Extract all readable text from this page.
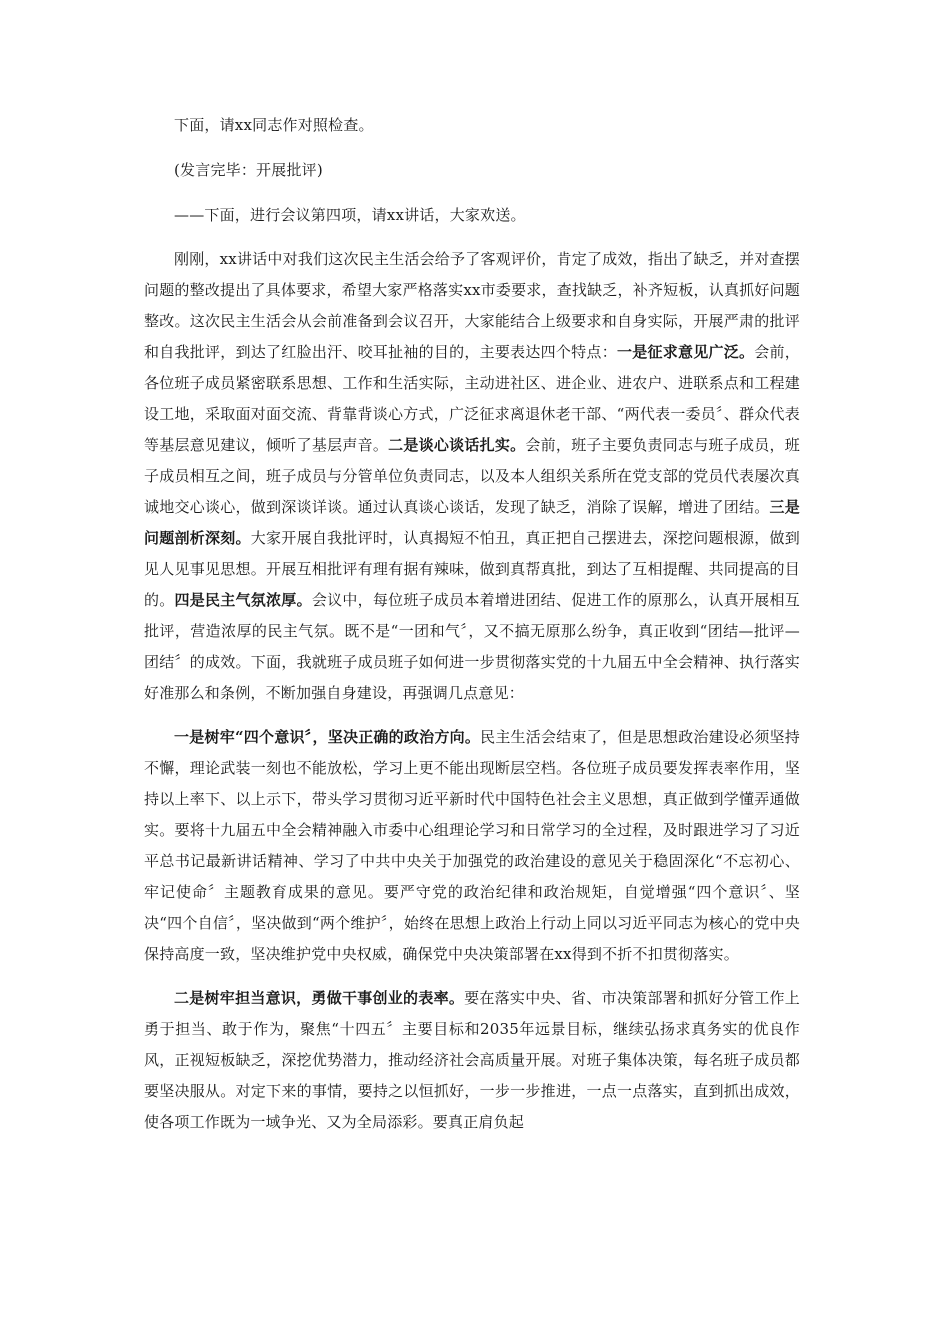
下面，请xx同志作对照检查。

(发言完毕：开展批评)

——下面，进行会议第四项，请xx讲话，大家欢送。

刚刚，xx讲话中对我们这次民主生活会给予了客观评价，肯定了成效，指出了缺乏，并对查摆问题的整改提出了具体要求，希望大家严格落实xx市委要求，查找缺乏，补齐短板，认真抓好问题整改。这次民主生活会从会前准备到会议召开，大家能结合上级要求和自身实际，开展严肃的批评和自我批评，到达了红脸出汗、咬耳扯袖的目的，主要表达四个特点：一是征求意见广泛。会前，各位班子成员紧密联系思想、工作和生活实际，主动进社区、进企业、进农户、进联系点和工程建设工地，采取面对面交流、背靠背谈心方式，广泛征求离退休老干部、“两代表一委员〞、群众代表等基层意见建议，倾听了基层声音。二是谈心谈话扎实。会前，班子主要负责同志与班子成员，班子成员相互之间，班子成员与分管单位负责同志，以及本人组织关系所在党支部的党员代表屡次真诚地交心谈心，做到深谈详谈。通过认真谈心谈话，发现了缺乏，消除了误解，增进了团结。三是问题剖析深刻。大家开展自我批评时，认真揭短不怕丑，真正把自己摆进去，深挖问题根源，做到见人见事见思想。开展互相批评有理有据有辣味，做到真帮真批，到达了互相提醒、共同提高的目的。四是民主气氛浓厚。会议中，每位班子成员本着增进团结、促进工作的原那么，认真开展相互批评，营造浓厚的民主气氛。既不是“一团和气〞，又不搞无原那么纷争，真正收到“团结—批评—团结〞的成效。下面，我就班子成员班子如何进一步贯彻落实党的十九届五中全会精神、执行落实好准那么和条例，不断加强自身建设，再强调几点意见：

一是树牢“四个意识〞，坚决正确的政治方向。民主生活会结束了，但是思想政治建设必须坚持不懈，理论武装一刻也不能放松，学习上更不能出现断层空档。各位班子成员要发挥表率作用，坚持以上率下、以上示下，带头学习贯彻习近平新时代中国特色社会主义思想，真正做到学懂弄通做实。要将十九届五中全会精神融入市委中心组理论学习和日常学习的全过程，及时跟进学习了习近平总书记最新讲话精神、学习了中共中央关于加强党的政治建设的意见关于稳固深化“不忘初心、牢记使命〞主题教育成果的意见。要严守党的政治纪律和政治规矩，自觉增强“四个意识〞、坚决“四个自信〞，坚决做到“两个维护〞，始终在思想上政治上行动上同以习近平同志为核心的党中央保持高度一致，坚决维护党中央权威，确保党中央决策部署在xx得到不折不扣贯彻落实。

二是树牢担当意识，勇做干事创业的表率。要在落实中央、省、市决策部署和抓好分管工作上勇于担当、敢于作为，聚焦“十四五〞主要目标和2035年远景目标，继续弘扬求真务实的优良作风，正视短板缺乏，深挖优势潜力，推动经济社会高质量开展。对班子集体决策，每名班子成员都要坚决服从。对定下来的事情，要持之以恒抓好，一步一步推进，一点一点落实，直到抓出成效，使各项工作既为一域争光、又为全局添彩。要真正肩负起
